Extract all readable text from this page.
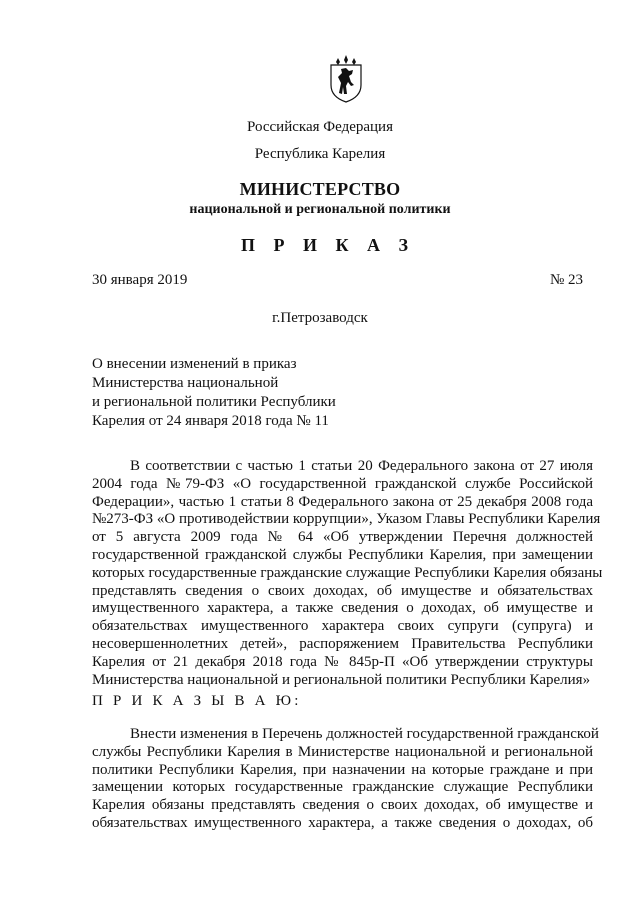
Российская Федерация
Республика Карелия
МИНИСТЕРСТВО
национальной и региональной политики
П Р И К А З
30 января 2019	№ 23
г.Петрозаводск
О внесении изменений в приказ
Министерства национальной
и региональной политики Республики
Карелия от 24 января 2018 года № 11
В соответствии с частью 1 статьи 20 Федерального закона от 27 июля
2004 года №79-ФЗ «О государственной гражданской службе Российской
Федерации», частью 1 статьи 8 Федерального закона от 25 декабря 2008 года
№273-ФЗ «О противодействии коррупции», Указом Главы Республики Карелия
от 5 августа 2009 года № 64 «Об утверждении Перечня должностей
государственной гражданской службы Республики Карелия, при замещении
которых государственные гражданские служащие Республики Карелия обязаны
представлять сведения о своих доходах, об имуществе и обязательствах
имущественного характера, а также сведения о доходах, об имуществе и
обязательствах имущественного характера своих супруги (супруга) и
несовершеннолетних детей», распоряжением Правительства Республики
Карелия от 21 декабря 2018 года № 845р-П «Об утверждении структуры
Министерства национальной и региональной политики Республики Карелия»
П Р И К А З Ы В А Ю:
Внести изменения в Перечень должностей государственной гражданской
службы Республики Карелия в Министерстве национальной и региональной
политики Республики Карелия, при назначении на которые граждане и при
замещении которых государственные гражданские служащие Республики
Карелия обязаны представлять сведения о своих доходах, об имуществе и
обязательствах имущественного характера, а также сведения о доходах, об
